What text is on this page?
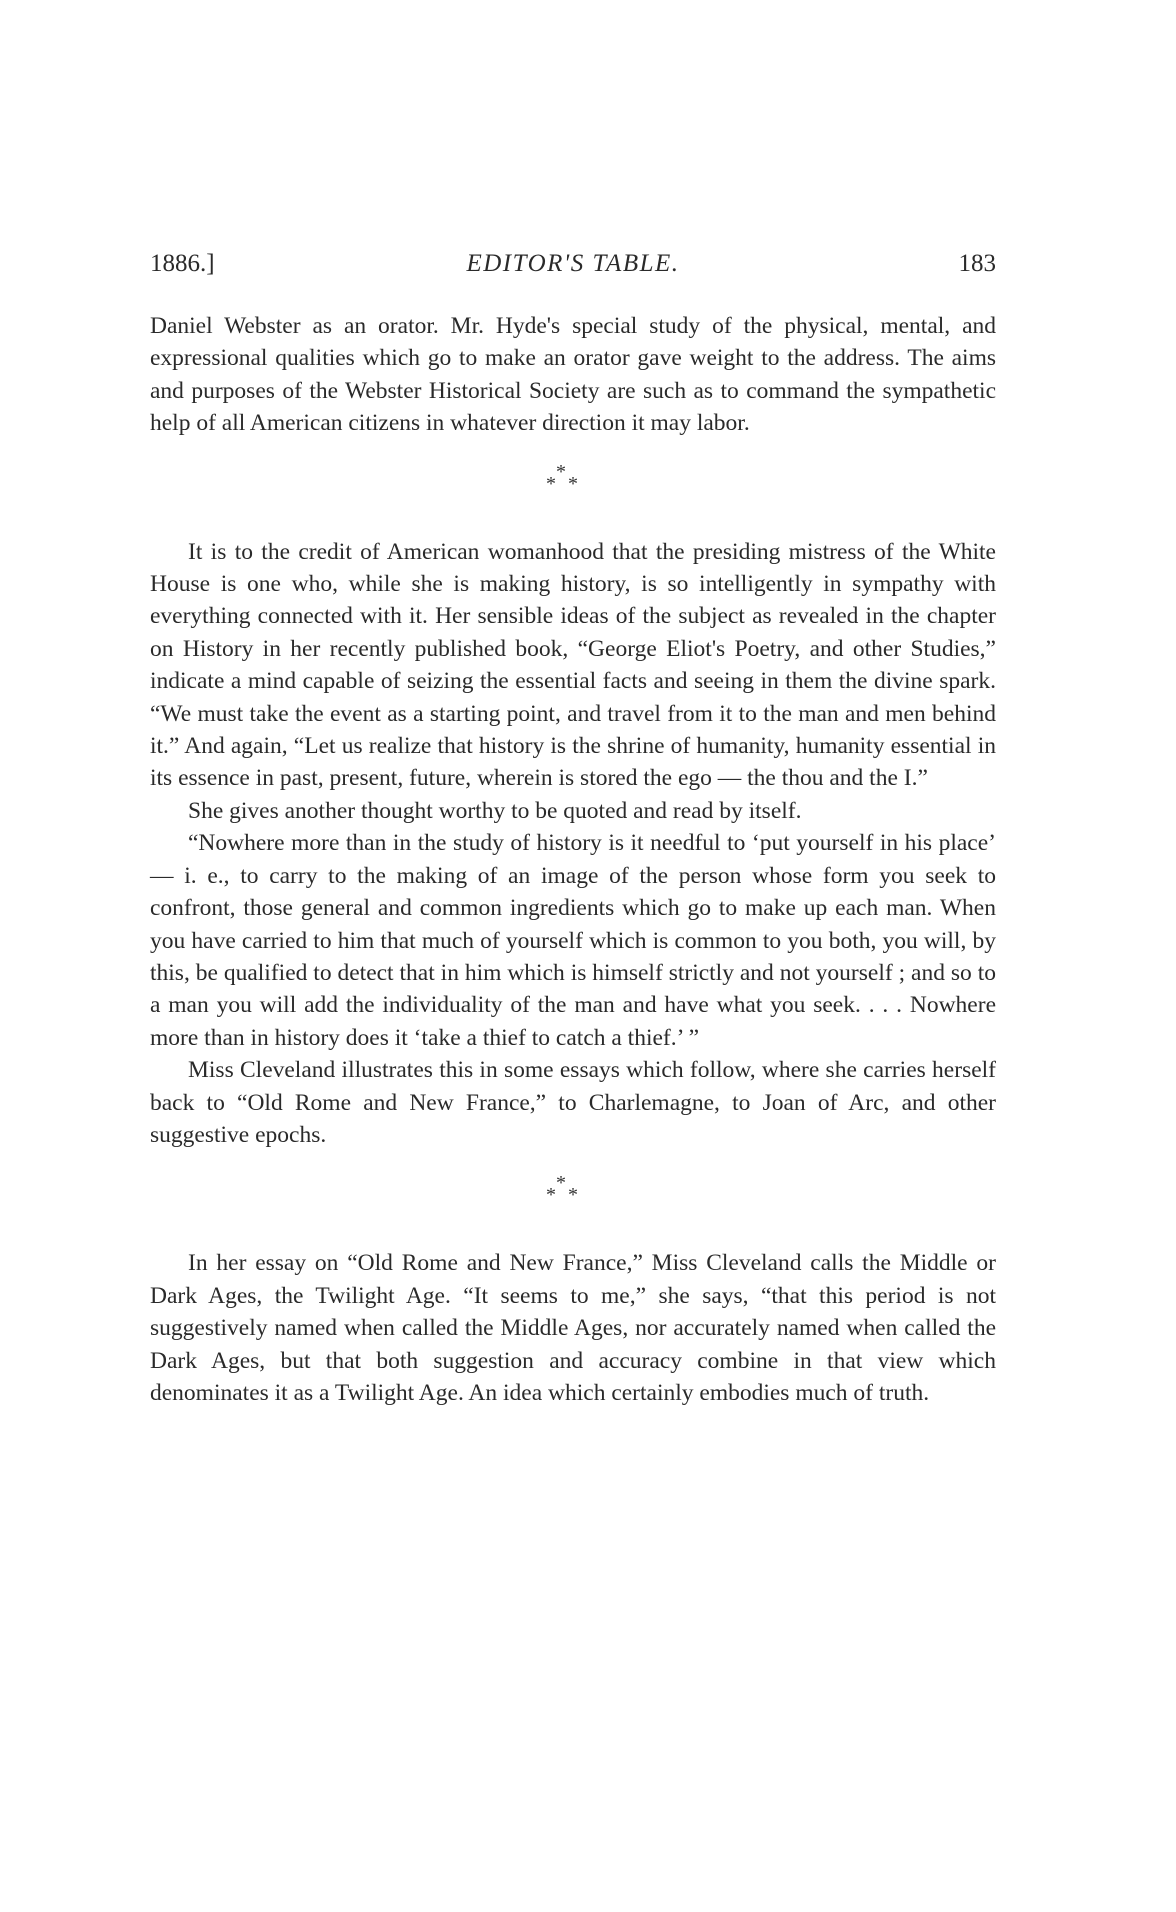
1886.]	EDITOR'S TABLE.	183

Daniel Webster as an orator. Mr. Hyde's special study of the physical, mental, and expressional qualities which go to make an orator gave weight to the address. The aims and purposes of the Webster Historical Society are such as to command the sympathetic help of all American citizens in whatever direction it may labor.

*
* *

It is to the credit of American womanhood that the presiding mistress of the White House is one who, while she is making history, is so intelligently in sympathy with everything connected with it. Her sensible ideas of the subject as revealed in the chapter on History in her recently published book, “George Eliot's Poetry, and other Studies,” indicate a mind capable of seizing the essential facts and seeing in them the divine spark. “We must take the event as a starting point, and travel from it to the man and men behind it.” And again, “Let us realize that history is the shrine of humanity, humanity essential in its essence in past, present, future, wherein is stored the ego — the thou and the I.”

She gives another thought worthy to be quoted and read by itself.

“Nowhere more than in the study of history is it needful to ‘put yourself in his place’ — i. e., to carry to the making of an image of the person whose form you seek to confront, those general and common ingredients which go to make up each man. When you have carried to him that much of yourself which is common to you both, you will, by this, be qualified to detect that in him which is himself strictly and not yourself ; and so to a man you will add the individuality of the man and have what you seek. . . . Nowhere more than in history does it ‘take a thief to catch a thief.’ ”

Miss Cleveland illustrates this in some essays which follow, where she carries herself back to “Old Rome and New France,” to Charlemagne, to Joan of Arc, and other suggestive epochs.

*
* *

In her essay on “Old Rome and New France,” Miss Cleveland calls the Middle or Dark Ages, the Twilight Age. “It seems to me,” she says, “that this period is not suggestively named when called the Middle Ages, nor accurately named when called the Dark Ages, but that both suggestion and accuracy combine in that view which denominates it as a Twilight Age. An idea which certainly embodies much of truth.
